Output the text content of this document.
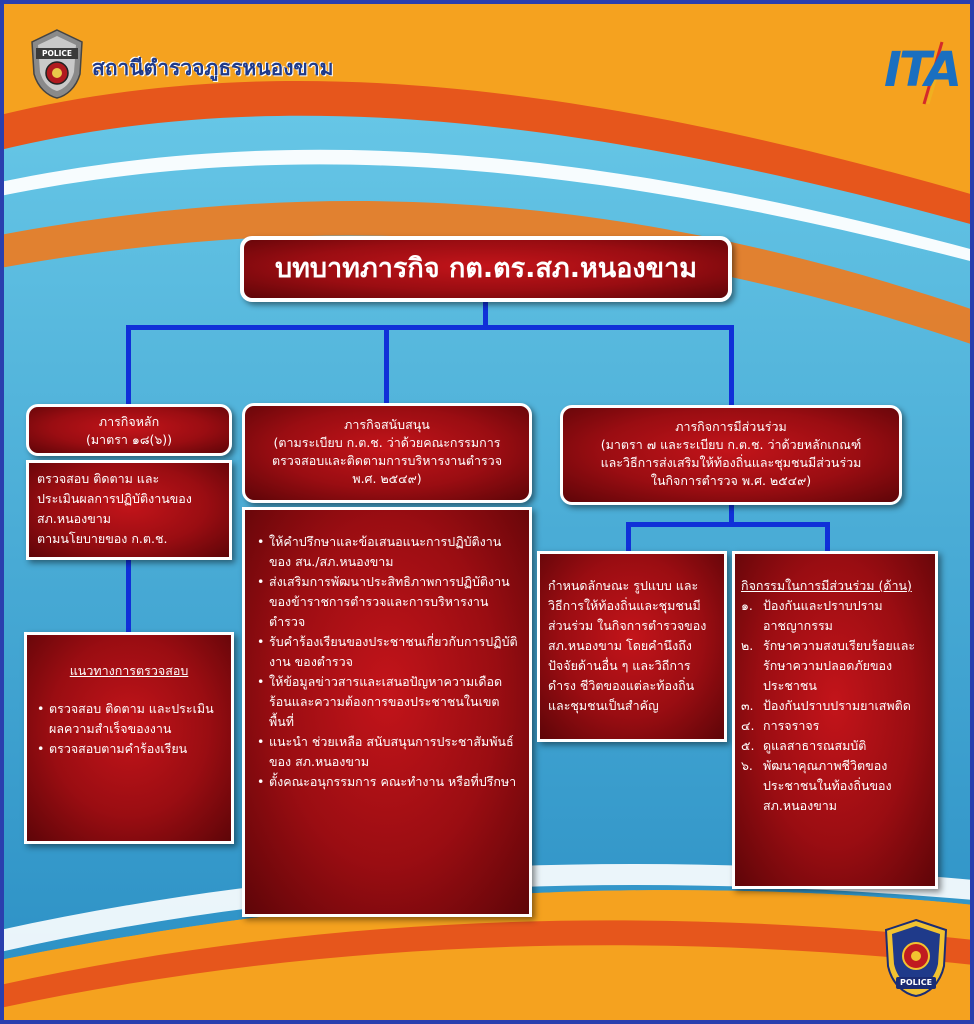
POLICE
สถานีตำรวจภูธรหนองขาม	ITA
บทบาทภารกิจ กต.ตร.สภ.หนองขาม
ภารกิจหลัก
(มาตรา ๑๘(๖))
ตรวจสอบ ติดตาม และ
ประเมินผลการปฏิบัติงานของ
สภ.หนองขาม
ตามนโยบายของ ก.ต.ช.
แนวทางการตรวจสอบ
• ตรวจสอบ ติดตาม และประเมินผลความสำเร็จของงาน
• ตรวจสอบตามคำร้องเรียน
ภารกิจสนับสนุน
(ตามระเบียบ ก.ต.ช. ว่าด้วยคณะกรรมการ
ตรวจสอบและติดตามการบริหารงานตำรวจ
พ.ศ. ๒๕๔๙)
• ให้คำปรึกษาและข้อเสนอแนะการปฏิบัติงานของ สน./สภ.หนองขาม
• ส่งเสริมการพัฒนาประสิทธิภาพการปฏิบัติงานของข้าราชการตำรวจและการบริหารงานตำรวจ
• รับคำร้องเรียนของประชาชนเกี่ยวกับการปฏิบัติงาน ของตำรวจ
• ให้ข้อมูลข่าวสารและเสนอปัญหาความเดือดร้อนและความต้องการของประชาชนในเขตพื้นที่
• แนะนำ ช่วยเหลือ สนับสนุนการประชาสัมพันธ์ ของ สภ.หนองขาม
• ตั้งคณะอนุกรรมการ คณะทำงาน หรือที่ปรึกษา
ภารกิจการมีส่วนร่วม
(มาตรา ๗ และระเบียบ ก.ต.ช. ว่าด้วยหลักเกณฑ์
และวิธีการส่งเสริมให้ท้องถิ่นและชุมชนมีส่วนร่วม
ในกิจการตำรวจ พ.ศ. ๒๕๔๙)
กำหนดลักษณะ รูปแบบ และ
วิธีการให้ท้องถิ่นและชุมชนมี
ส่วนร่วม ในกิจการตำรวจของ
สภ.หนองขาม โดยคำนึงถึง
ปัจจัยด้านอื่น ๆ และวิถีการ
ดำรง ชีวิตของแต่ละท้องถิ่น
และชุมชนเป็นสำคัญ
กิจกรรมในการมีส่วนร่วม (ด้าน)
๑. ป้องกันและปราบปรามอาชญากรรม
๒. รักษาความสงบเรียบร้อยและรักษาความปลอดภัยของประชาชน
๓. ป้องกันปราบปรามยาเสพติด
๔. การจราจร
๕. ดูแลสาธารณสมบัติ
๖. พัฒนาคุณภาพชีวิตของประชาชนในท้องถิ่นของ สภ.หนองขาม
POLICE
